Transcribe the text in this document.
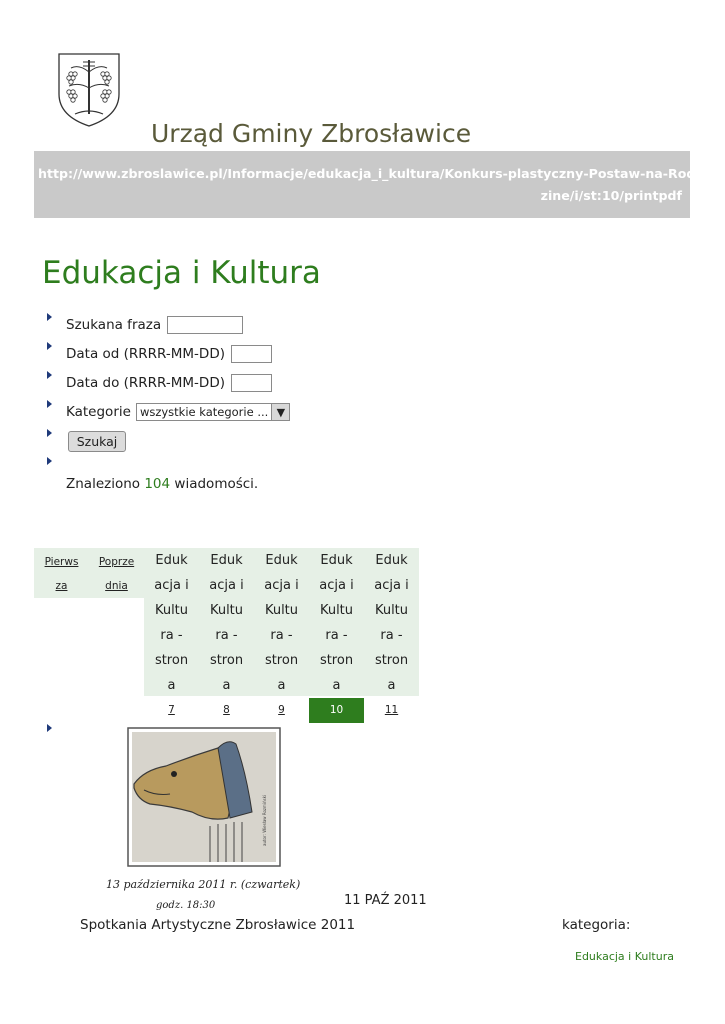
Urząd Gminy Zbrosławice
http://www.zbroslawice.pl/Informacje/edukacja_i_kultura/Konkurs-plastyczny-Postaw-na-Rod
zine/i/st:10/printpdf
Edukacja i Kultura
Szukana fraza
Data od (RRRR-MM-DD)
Data do (RRRR-MM-DD)
Kategorie wszystkie kategorie ... ▼
Szukaj
Znaleziono 104 wiadomości.
Pierws
za
Poprze
dnia
Eduk
acja i
Kultu
ra -
stron
a
7
Eduk
acja i
Kultu
ra -
stron
a
8
Eduk
acja i
Kultu
ra -
stron
a
9
Eduk
acja i
Kultu
ra -
stron
a
10
Eduk
acja i
Kultu
ra -
stron
a
11
autor: Wiesław Rozmiński
13 października 2011 r. (czwartek)
godz. 18:30	11 PAŹ 2011
Spotkania Artystyczne Zbrosławice 2011	kategoria:
Edukacja i Kultura
